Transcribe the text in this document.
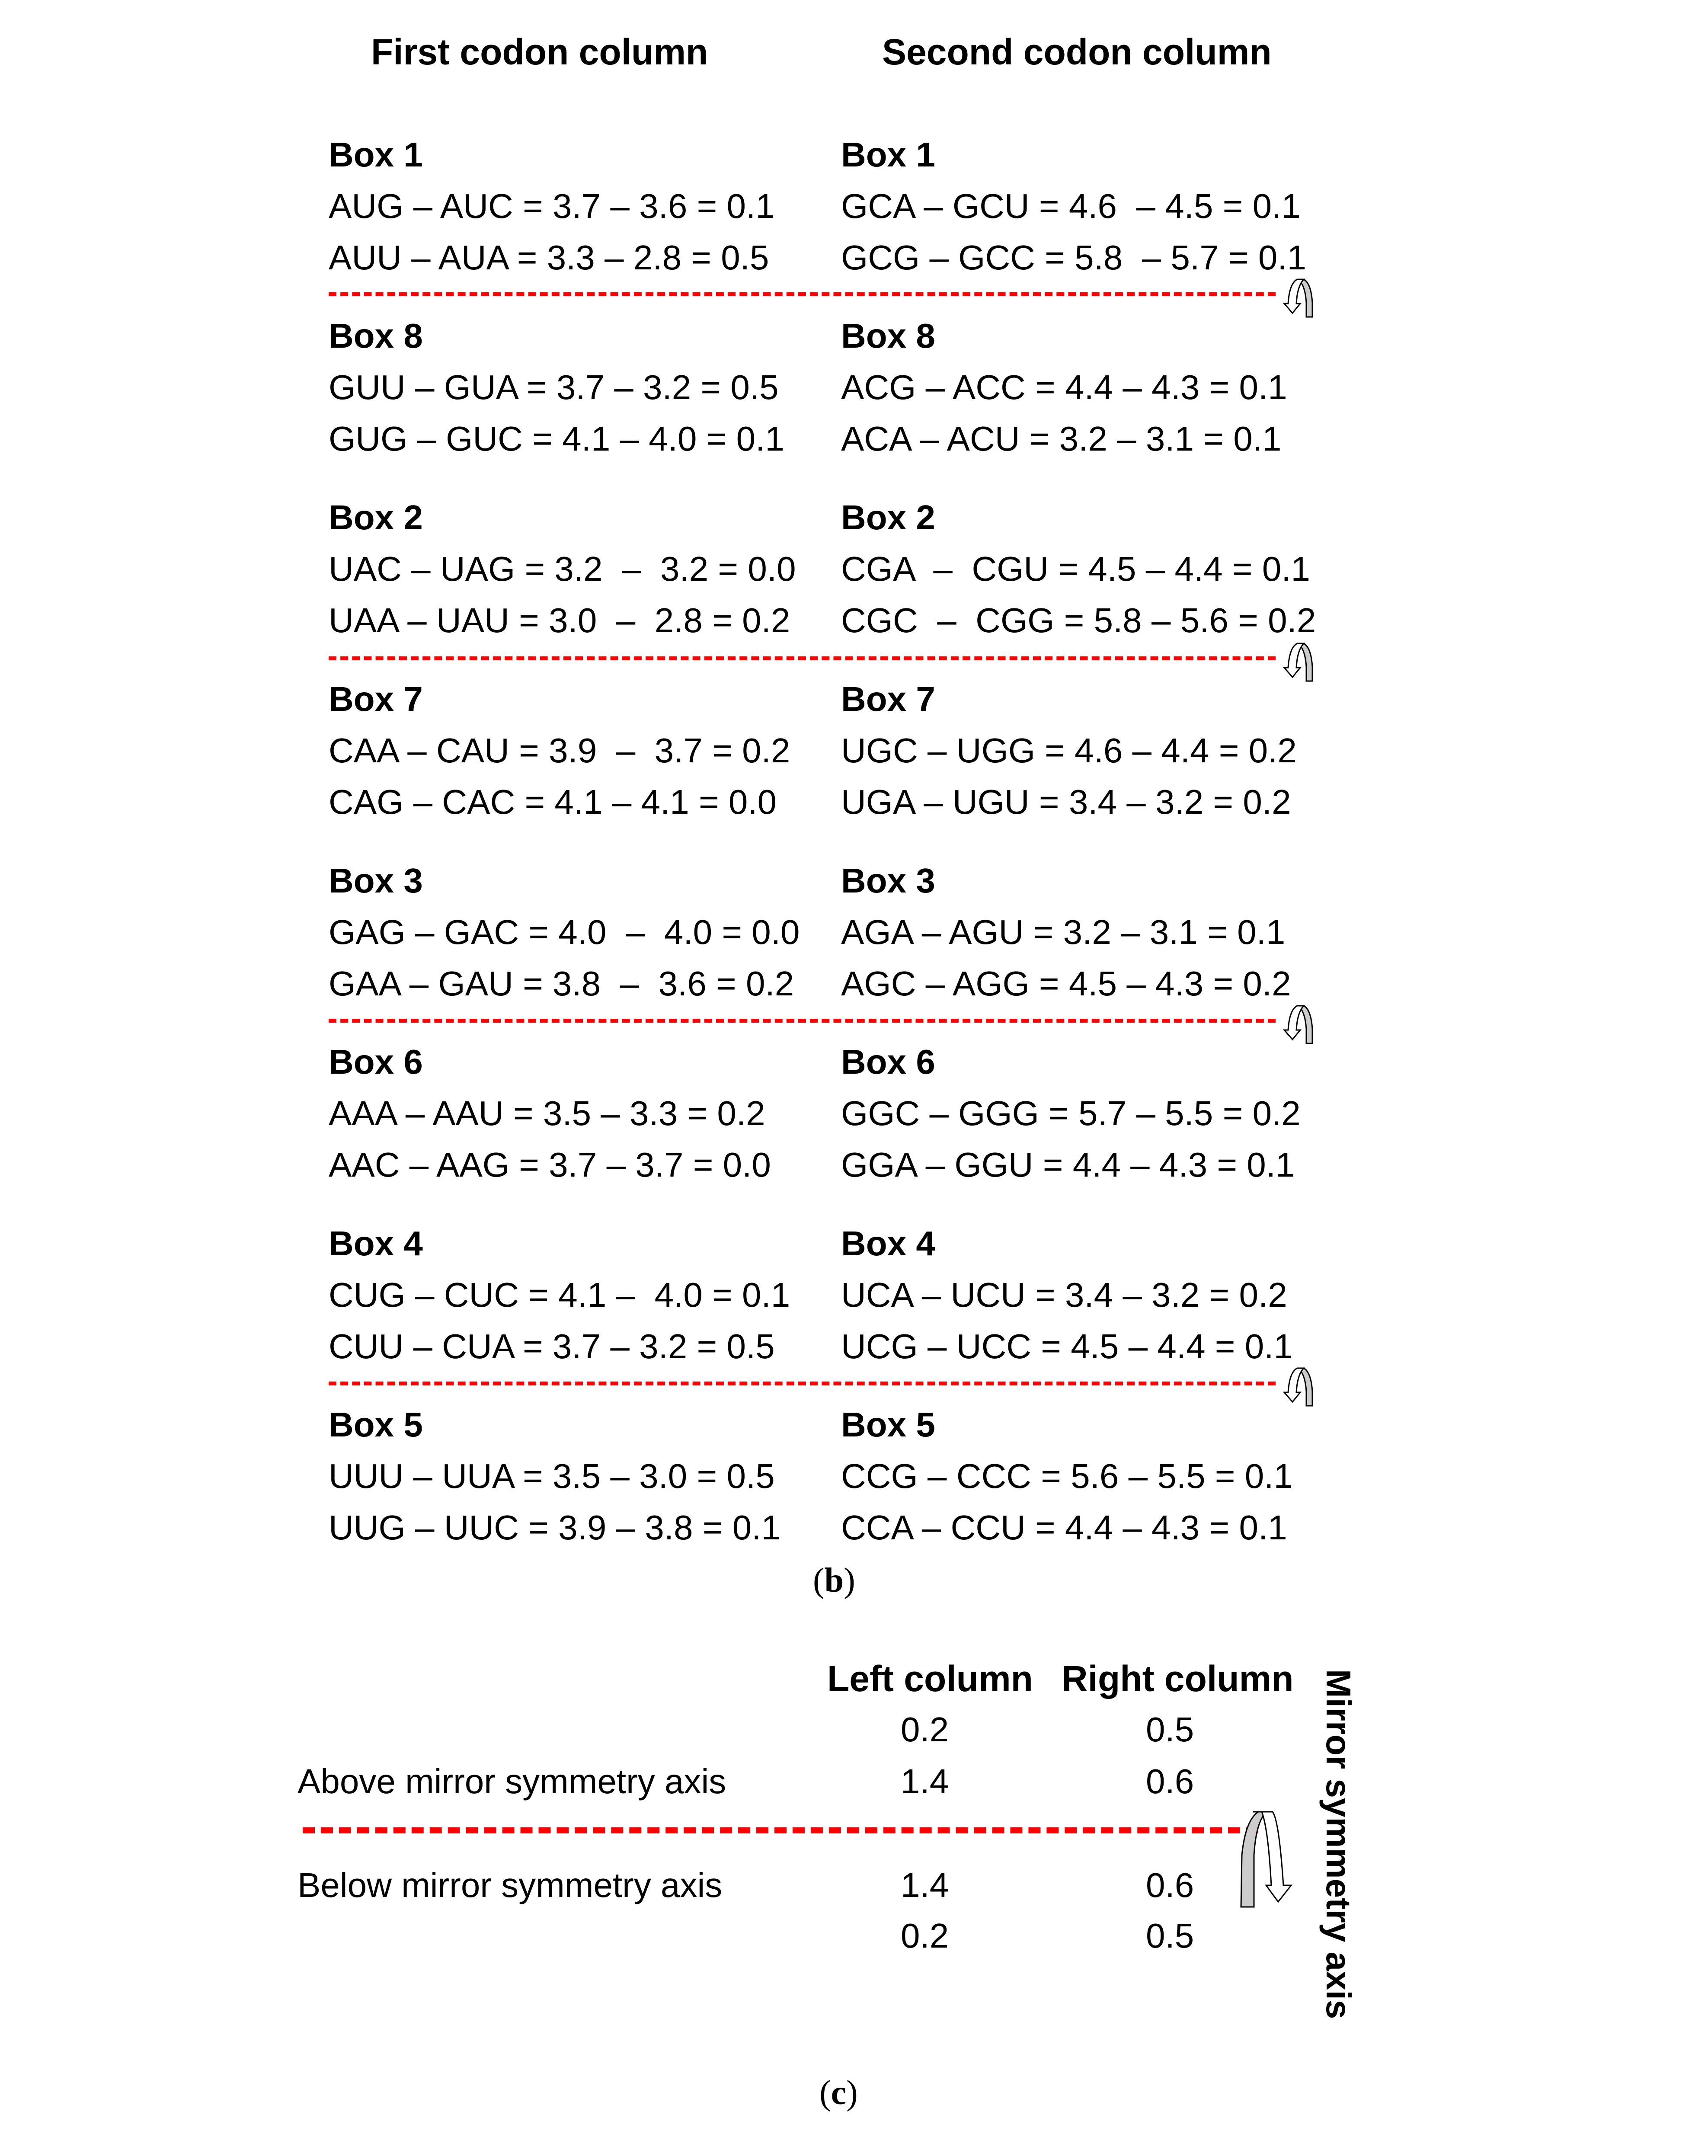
First codon column	Second codon column
Box 1
AUG – AUC = 3.7 – 3.6 = 0.1
AUU – AUA = 3.3 – 2.8 = 0.5
Box 1
GCA – GCU = 4.6  – 4.5 = 0.1
GCG – GCC = 5.8  – 5.7 = 0.1
Box 8
GUU – GUA = 3.7 – 3.2 = 0.5
GUG – GUC = 4.1 – 4.0 = 0.1
Box 8
ACG – ACC = 4.4 – 4.3 = 0.1
ACA – ACU = 3.2 – 3.1 = 0.1
Box 2
UAC – UAG = 3.2  –  3.2 = 0.0
UAA – UAU = 3.0  –  2.8 = 0.2
Box 2
CGA  –  CGU = 4.5 – 4.4 = 0.1
CGC  –  CGG = 5.8 – 5.6 = 0.2
Box 7
CAA – CAU = 3.9  –  3.7 = 0.2
CAG – CAC = 4.1 – 4.1 = 0.0
Box 7
UGC – UGG = 4.6 – 4.4 = 0.2
UGA – UGU = 3.4 – 3.2 = 0.2
Box 3
GAG – GAC = 4.0  –  4.0 = 0.0
GAA – GAU = 3.8  –  3.6 = 0.2
Box 3
AGA – AGU = 3.2 – 3.1 = 0.1
AGC – AGG = 4.5 – 4.3 = 0.2
Box 6
AAA – AAU = 3.5 – 3.3 = 0.2
AAC – AAG = 3.7 – 3.7 = 0.0
Box 6
GGC – GGG = 5.7 – 5.5 = 0.2
GGA – GGU = 4.4 – 4.3 = 0.1
Box 4
CUG – CUC = 4.1 –  4.0 = 0.1
CUU – CUA = 3.7 – 3.2 = 0.5
Box 4
UCA – UCU = 3.4 – 3.2 = 0.2
UCG – UCC = 4.5 – 4.4 = 0.1
Box 5
UUU – UUA = 3.5 – 3.0 = 0.5
UUG – UUC = 3.9 – 3.8 = 0.1
Box 5
CCG – CCC = 5.6 – 5.5 = 0.1
CCA – CCU = 4.4 – 4.3 = 0.1
(b)
Left column Right column
0.2	0.5
Above mirror symmetry axis	1.4	0.6
Below mirror symmetry axis	1.4	0.6
0.2	0.5	Mirror symmetry axis
(c)
